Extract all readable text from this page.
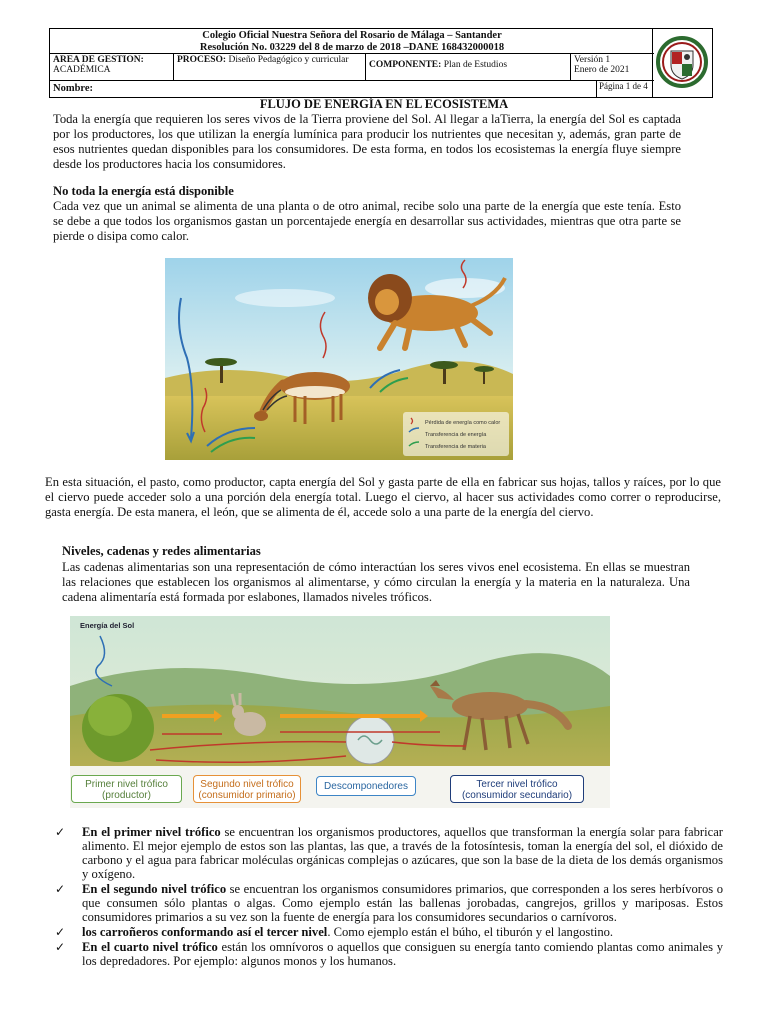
Colegio Oficial Nuestra Señora del Rosario de Málaga – Santander
Resolución No. 03229 del 8 de marzo de 2018 –DANE 168432000018
AREA DE GESTION:
ACADÉMICA
PROCESO: Diseño Pedagógico y curricular	COMPONENTE: Plan de Estudios	Versión 1
Enero de 2021
Nombre:	Página 1 de 4
FLUJO DE ENERGÍA EN EL ECOSISTEMA
Toda la energía que requieren los seres vivos de la Tierra proviene del Sol. Al llegar a laTierra, la energía del Sol es captada por los productores, los que utilizan la energía lumínica para producir los nutrientes que necesitan y, además, gran parte de esos nutrientes quedan disponibles para los consumidores. De esta forma, en todos los ecosistemas la energía fluye siempre desde los productores hacia los consumidores.
No toda la energía está disponible
Cada vez que un animal se alimenta de una planta o de otro animal, recibe solo una parte de la energía que este tenía. Esto se debe a que todos los organismos gastan un porcentajede energía en desarrollar sus actividades, mientras que otra parte se pierde o disipa como calor.
Pérdida de energía como calor
Transferencia de energía
Transferencia de materia
En esta situación, el pasto, como productor, capta energía del Sol y gasta parte de ella en fabricar sus hojas, tallos y raíces, por lo que el ciervo puede acceder solo a una porción dela energía total. Luego el ciervo, al hacer sus actividades como correr o reproducirse, gasta energía. De esta manera, el león, que se alimenta de él, accede solo a una parte de la energía del ciervo.
Niveles, cadenas y redes alimentarias
Las cadenas alimentarias son una representación de cómo interactúan los seres vivos enel ecosistema. En ellas se muestran las relaciones que establecen los organismos al alimentarse, y cómo circulan la energía y la materia en la naturaleza. Una cadena alimentaría está formada por eslabones, llamados niveles tróficos.
Energía del Sol
Primer nivel trófico
(productor)
Segundo nivel trófico
(consumidor primario)
Descomponedores	Tercer nivel trófico
(consumidor secundario)
✓ En el primer nivel trófico se encuentran los organismos productores, aquellos que transforman la energía solar para fabricar alimento. El mejor ejemplo de estos son las plantas, las que, a través de la fotosíntesis, toman la energía del sol, el dióxido de carbono y el agua para fabricar moléculas orgánicas complejas o azúcares, que son la base de la dieta de los demás organismos y oxígeno.
✓ En el segundo nivel trófico se encuentran los organismos consumidores primarios, que corresponden a los seres herbívoros o que consumen sólo plantas o algas. Como ejemplo están las ballenas jorobadas, cangrejos, grillos y mariposas. Estos consumidores primarios a su vez son la fuente de energía para los consumidores secundarios o carnívoros.
✓ los carroñeros conformando así el tercer nivel. Como ejemplo están el búho, el tiburón y el langostino.
✓ En el cuarto nivel trófico están los omnívoros o aquellos que consiguen su energía tanto comiendo plantas como animales y los depredadores. Por ejemplo: algunos monos y los humanos.
